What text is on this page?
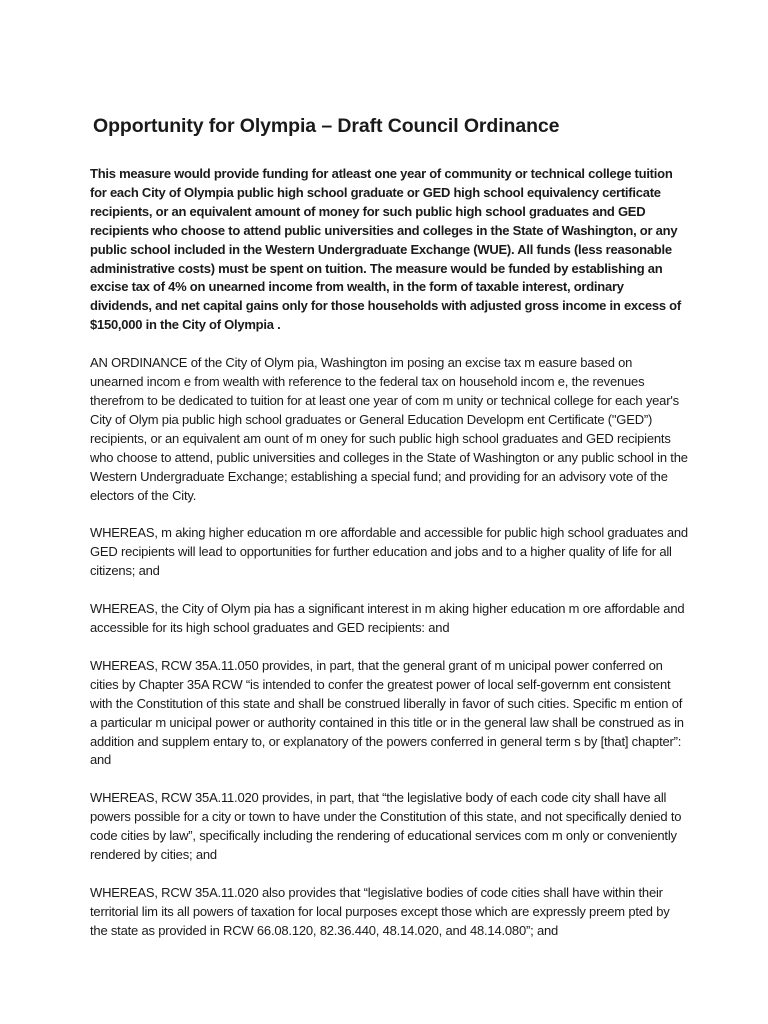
Opportunity for Olympia – Draft Council Ordinance

This measure would provide funding for atleast one year of community or technical college tuition for each City of Olympia public high school graduate or GED high school equivalency certificate recipients, or an equivalent amount of money for such public high school graduates and GED recipients who choose to attend public universities and colleges in the State of Washington, or any public school included in the Western Undergraduate Exchange (WUE). All funds (less reasonable administrative costs) must be spent on tuition. The measure would be funded by establishing an excise tax of 4% on unearned income from wealth, in the form of taxable interest, ordinary dividends, and net capital gains only for those households with adjusted gross income in excess of $150,000 in the City of Olympia .

AN ORDINANCE of the City of Olym pia, Washington im posing an excise tax m easure based on unearned incom e from wealth with reference to the federal tax on household incom e, the revenues therefrom to be dedicated to tuition for at least one year of com m unity or technical college for each year's City of Olym pia public high school graduates or General Education Developm ent Certificate ("GED”) recipients, or an equivalent am ount of m oney for such public high school graduates and GED recipients who choose to attend, public universities and colleges in the State of Washington or any public school in the Western Undergraduate Exchange; establishing a special fund; and providing for an advisory vote of the electors of the City.

WHEREAS, m aking higher education m ore affordable and accessible for public high school graduates and GED recipients will lead to opportunities for further education and jobs and to a higher quality of life for all citizens; and

WHEREAS, the City of Olym pia has a significant interest in m aking higher education m ore affordable and accessible for its high school graduates and GED recipients: and

WHEREAS, RCW 35A.11.050 provides, in part, that the general grant of m unicipal power conferred on cities by Chapter 35A RCW “is intended to confer the greatest power of local self-governm ent consistent with the Constitution of this state and shall be construed liberally in favor of such cities. Specific m ention of a particular m unicipal power or authority contained in this title or in the general law shall be construed as in addition and supplem entary to, or explanatory of the powers conferred in general term s by [that] chapter”: and

WHEREAS, RCW 35A.11.020 provides, in part, that “the legislative body of each code city shall have all powers possible for a city or town to have under the Constitution of this state, and not specifically denied to code cities by law”, specifically including the rendering of educational services com m only or conveniently rendered by cities; and

WHEREAS, RCW 35A.11.020 also provides that “legislative bodies of code cities shall have within their territorial lim its all powers of taxation for local purposes except those which are expressly preem pted by the state as provided in RCW 66.08.120, 82.36.440, 48.14.020, and 48.14.080”; and
